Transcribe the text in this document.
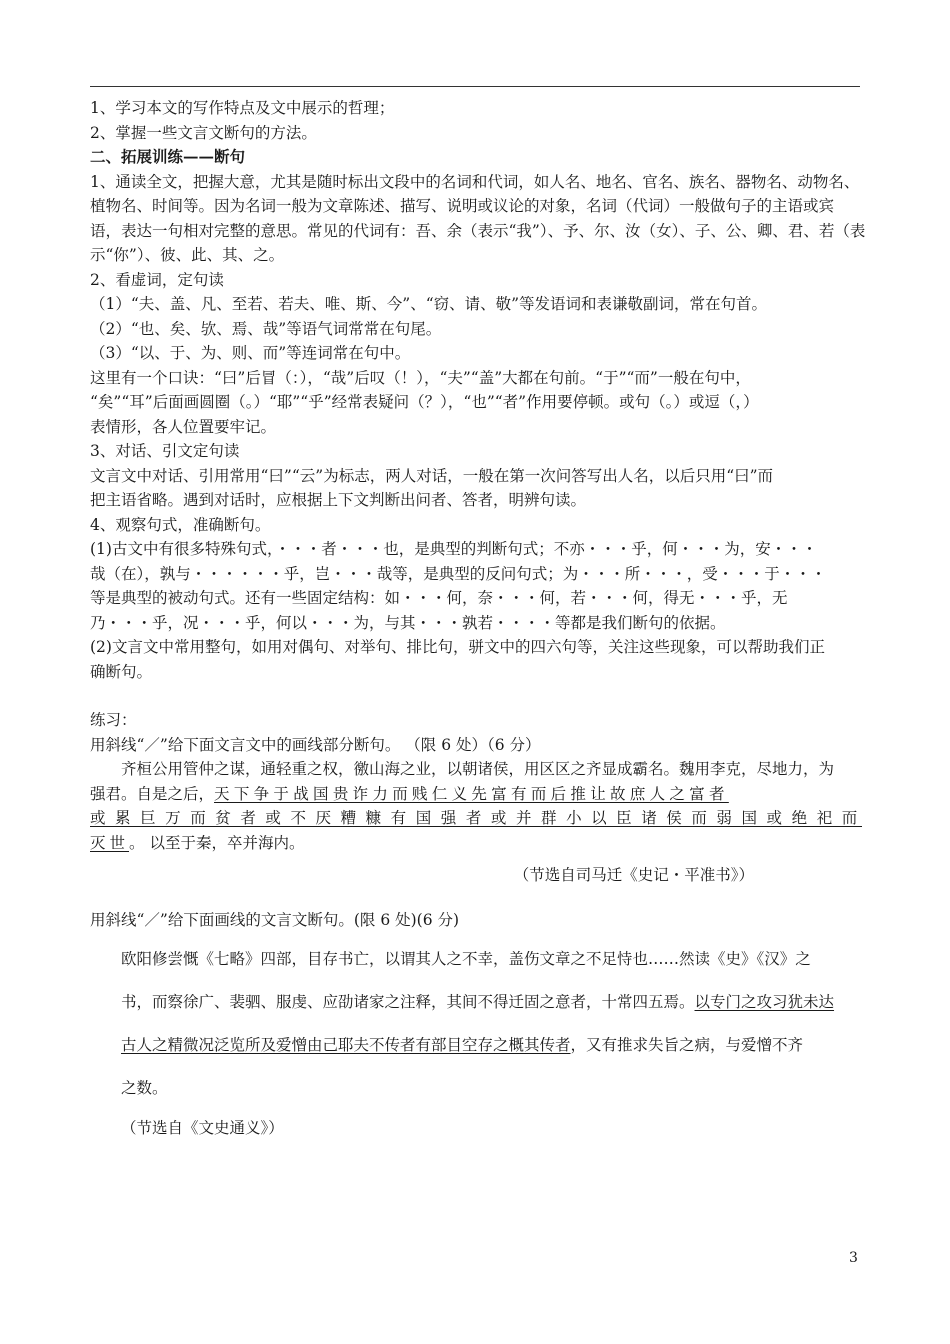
1、学习本文的写作特点及文中展示的哲理；
2、掌握一些文言文断句的方法。
二、拓展训练——断句
1、通读全文，把握大意，尤其是随时标出文段中的名词和代词，如人名、地名、官名、族名、器物名、动物名、
植物名、时间等。因为名词一般为文章陈述、描写、说明或议论的对象，名词（代词）一般做句子的主语或宾
语，表达一句相对完整的意思。常见的代词有：吾、余（表示“我”）、予、尔、汝（女）、子、公、卿、君、若（表
示“你”）、彼、此、其、之。
2、看虚词，定句读
（1）“夫、盖、凡、至若、若夫、唯、斯、今”、“窃、请、敬”等发语词和表谦敬副词，常在句首。
（2）“也、矣、欤、焉、哉”等语气词常常在句尾。
（3）“以、于、为、则、而”等连词常在句中。
这里有一个口诀：“曰”后冒（：），“哉”后叹（！），“夫”“盖”大都在句前。“于”“而”一般在句中，
“矣”“耳”后面画圆圈（。）“耶”“乎”经常表疑问（？），“也”“者”作用要停顿。或句（。）或逗（，）
表情形，各人位置要牢记。
3、对话、引文定句读
文言文中对话、引用常用“曰”“云”为标志，两人对话，一般在第一次问答写出人名，以后只用“曰”而
把主语省略。遇到对话时，应根据上下文判断出问者、答者，明辨句读。
4、观察句式，准确断句。
(1)古文中有很多特殊句式，・・・者・・・也，是典型的判断句式；不亦・・・乎，何・・・为，安・・・
哉（在），孰与・・・・・・乎，岂・・・哉等，是典型的反问句式；为・・・所・・・，受・・・于・・・
等是典型的被动句式。还有一些固定结构：如・・・何，奈・・・何，若・・・何，得无・・・乎，无
乃・・・乎，况・・・乎，何以・・・为，与其・・・孰若・・・・等都是我们断句的依据。
(2)文言文中常用整句，如用对偶句、对举句、排比句，骈文中的四六句等，关注这些现象，可以帮助我们正
确断句。
练习：
用斜线“／”给下面文言文中的画线部分断句。 （限 6 处）（6 分）
齐桓公用管仲之谋，通轻重之权，徼山海之业，以朝诸侯，用区区之齐显成霸名。魏用李克，尽地力，为
强君。自是之后，天下争于战国贵诈力而贱仁义先富有而后推让故庶人之富者
或累巨万而贫者或不厌糟糠有国强者或并群小以臣诸侯而弱国或绝祀而
灭世。 以至于秦，卒并海内。
（节选自司马迁《史记・平准书》）
用斜线“／”给下面画线的文言文断句。(限 6 处)(6 分)
欧阳修尝慨《七略》四部，目存书亡，以谓其人之不幸，盖伤文章之不足恃也……然读《史》《汉》之
书，而察徐广、裴驷、服虔、应劭诸家之注释，其间不得迁固之意者，十常四五焉。以专门之攻习犹未达
古人之精微况泛览所及爱憎由己耶夫不传者有部目空存之概其传者，又有推求失旨之病，与爱憎不齐
之数。
（节选自《文史通义》）
3
